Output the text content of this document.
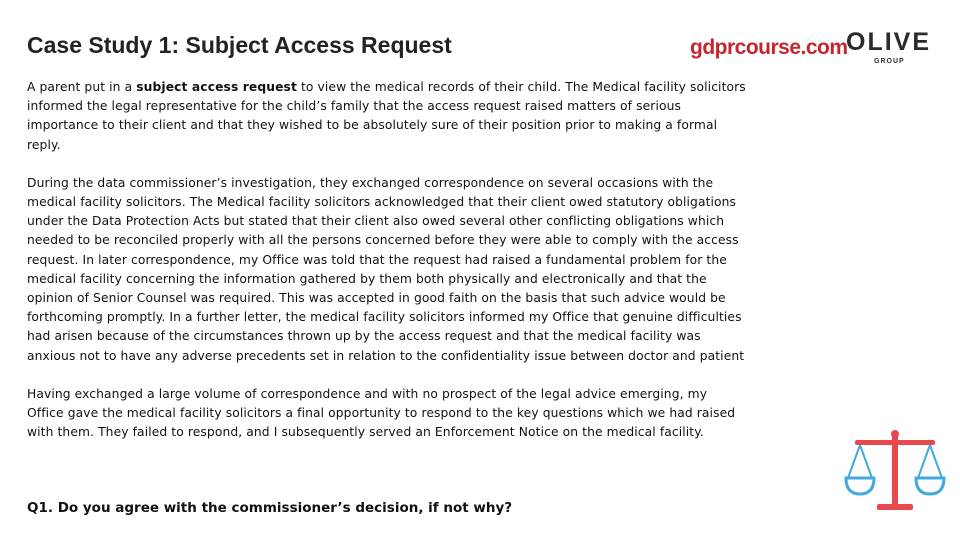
Case Study 1: Subject Access Request	gdprcourse.com
OLIVE
GROUP

A parent put in a subject access request to view the medical records of their child. The Medical facility solicitors informed the legal representative for the child’s family that the access request raised matters of serious importance to their client and that they wished to be absolutely sure of their position prior to making a formal reply.

During the data commissioner’s investigation, they exchanged correspondence on several occasions with the medical facility solicitors. The Medical facility solicitors acknowledged that their client owed statutory obligations under the Data Protection Acts but stated that their client also owed several other conflicting obligations which needed to be reconciled properly with all the persons concerned before they were able to comply with the access request. In later correspondence, my Office was told that the request had raised a fundamental problem for the medical facility concerning the information gathered by them both physically and electronically and that the opinion of Senior Counsel was required. This was accepted in good faith on the basis that such advice would be forthcoming promptly. In a further letter, the medical facility solicitors informed my Office that genuine difficulties had arisen because of the circumstances thrown up by the access request and that the medical facility was anxious not to have any adverse precedents set in relation to the confidentiality issue between doctor and patient

Having exchanged a large volume of correspondence and with no prospect of the legal advice emerging, my Office gave the medical facility solicitors a final opportunity to respond to the key questions which we had raised with them. They failed to respond, and I subsequently served an Enforcement Notice on the medical facility.

Q1. Do you agree with the commissioner’s decision, if not why?
